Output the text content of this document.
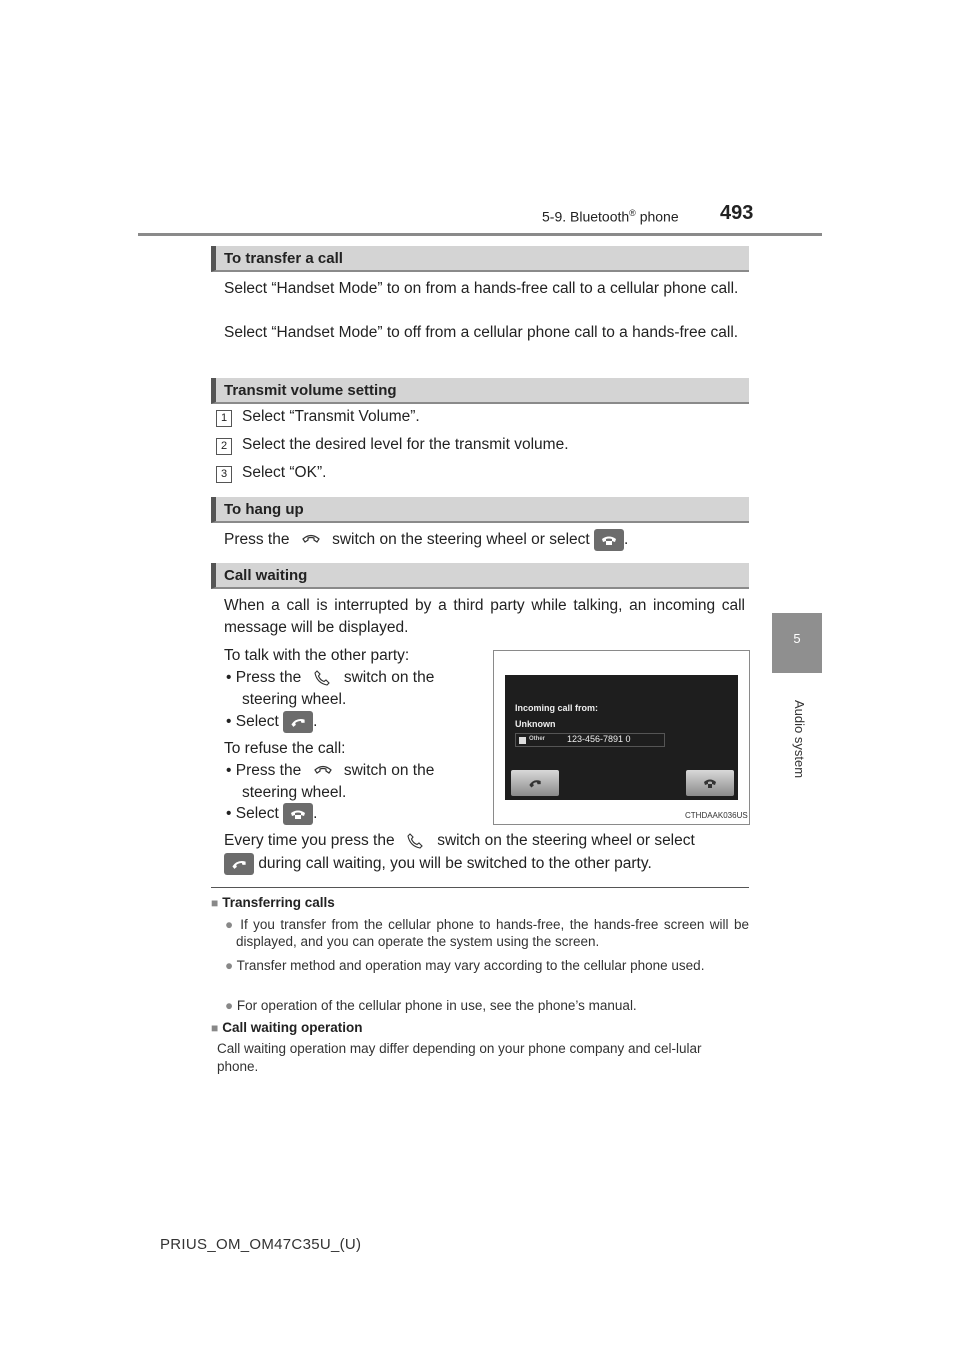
5-9. Bluetooth® phone	493
5
Audio system
To transfer a call
Select “Handset Mode” to on from a hands-free call to a cellular phone call.
Select “Handset Mode” to off from a cellular phone call to a hands-free call.
Transmit volume setting
1 Select “Transmit Volume”.
2 Select the desired level for the transmit volume.
3 Select “OK”.
To hang up
Press the	switch on the steering wheel or select .
Call waiting
When a call is interrupted by a third party while talking, an incoming call message will be displayed.
To talk with the other party:
• Press the	switch on the
steering wheel.
• Select .
To refuse the call:
• Press the	switch on the
steering wheel.
• Select .
Every time you press the	switch on the steering wheel or select
during call waiting, you will be switched to the other party.
Incoming call from:
Unknown
Other 123-456-7891 0
CTHDAAK036US
■ Transferring calls
● If you transfer from the cellular phone to hands-free, the hands-free screen will be displayed, and you can operate the system using the screen.
● Transfer method and operation may vary according to the cellular phone used.
● For operation of the cellular phone in use, see the phone’s manual.
■ Call waiting operation
Call waiting operation may differ depending on your phone company and cel-lular phone.
PRIUS_OM_OM47C35U_(U)
